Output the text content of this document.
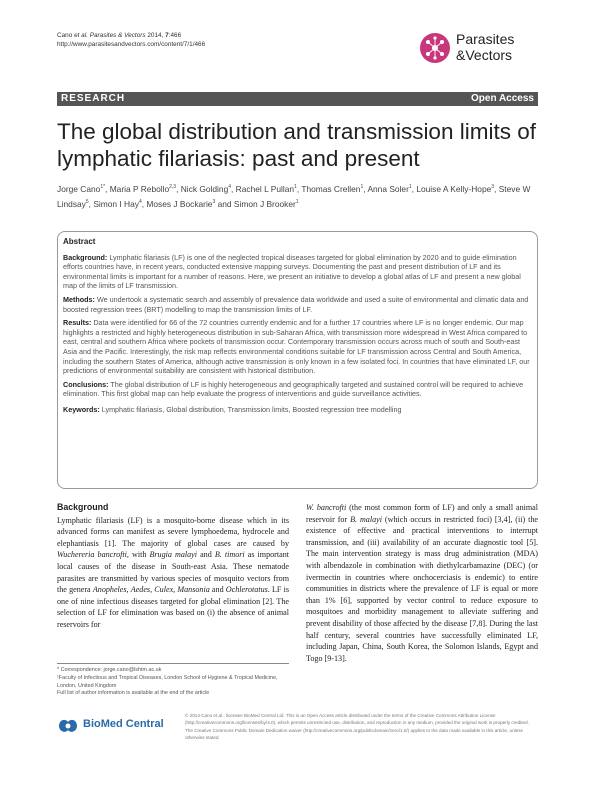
Cano et al. Parasites & Vectors 2014, 7:466
http://www.parasitesandvectors.com/content/7/1/466	Parasites
&Vectors
RESEARCH	Open Access
The global distribution and transmission limits of lymphatic filariasis: past and present
Jorge Cano$^{1*}$, Maria P Rebollo$^{2,3}$, Nick Golding$^4$, Rachel L Pullan$^1$, Thomas Crellen$^1$, Anna Soler$^1$, Louise A Kelly-Hope$^3$, Steve W Lindsay$^5$, Simon I Hay$^4$, Moses J Bockarie$^3$ and Simon J Brooker$^1$
Abstract

Background: Lymphatic filariasis (LF) is one of the neglected tropical diseases targeted for global elimination by 2020 and to guide elimination efforts countries have, in recent years, conducted extensive mapping surveys. Documenting the past and present distribution of LF and its environmental limits is important for a number of reasons. Here, we present an initiative to develop a global atlas of LF and present a new global map of the limits of LF transmission.

Methods: We undertook a systematic search and assembly of prevalence data worldwide and used a suite of environmental and climatic data and boosted regression trees (BRT) modelling to map the transmission limits of LF.

Results: Data were identified for 66 of the 72 countries currently endemic and for a further 17 countries where LF is no longer endemic. Our map highlights a restricted and highly heterogeneous distribution in sub-Saharan Africa, with transmission more widespread in West Africa compared to east, central and southern Africa where pockets of transmission occur. Contemporary transmission occurs across much of south and South-east Asia and the Pacific. Interestingly, the risk map reflects environmental conditions suitable for LF transmission across Central and South America, including the southern States of America, although active transmission is only known in a few isolated foci. In countries that have eliminated LF, our predictions of environmental suitability are consistent with historical distribution.

Conclusions: The global distribution of LF is highly heterogeneous and geographically targeted and sustained control will be required to achieve elimination. This first global map can help evaluate the progress of interventions and guide surveillance activities.

Keywords: Lymphatic filariasis, Global distribution, Transmission limits, Boosted regression tree modelling

Background

Lymphatic filariasis (LF) is a mosquito-borne disease which in its advanced forms can manifest as severe lymphoedema, hydrocele and elephantiasis [1]. The majority of global cases are caused by Wuchereria bancrofti, with Brugia malayi and B. timori as important local causes of the disease in South-east Asia. These nematode parasites are transmitted by various species of mosquito vectors from the genera Anopheles, Aedes, Culex, Mansonia and Ochlerotatus. LF is one of nine infectious diseases targeted for global elimination [2]. The selection of LF for elimination was based on (i) the absence of animal reservoirs for

W. bancrofti (the most common form of LF) and only a small animal reservoir for B. malayi (which occurs in restricted foci) [3,4], (ii) the existence of effective and practical interventions to interrupt transmission, and (iii) availability of an accurate diagnostic tool [5]. The main intervention strategy is mass drug administration (MDA) with albendazole in combination with diethylcarbamazine (DEC) (or ivermectin in countries where onchocerciasis is endemic) to entire communities in districts where the prevalence of LF is equal or more than 1% [6], supported by vector control to reduce exposure to mosquitoes and morbidity management to alleviate suffering and prevent disability of those affected by the disease [7,8]. During the last half century, several countries have successfully eliminated LF, including Japan, China, South Korea, the Solomon Islands, Egypt and Togo [9-13].

* Correspondence: jorge.cano@lshtm.ac.uk
¹Faculty of Infectious and Tropical Diseases, London School of Hygiene & Tropical Medicine, London, United Kingdom
Full list of author information is available at the end of the article
BioMed Central
© 2014 Cano et al.; licensee BioMed Central Ltd. This is an Open Access article distributed under the terms of the Creative Commons Attribution License (http://creativecommons.org/licenses/by/4.0), which permits unrestricted use, distribution, and reproduction in any medium, provided the original work is properly credited. The Creative Commons Public Domain Dedication waiver (http://creativecommons.org/publicdomain/zero/1.0/) applies to the data made available in this article, unless otherwise stated.
